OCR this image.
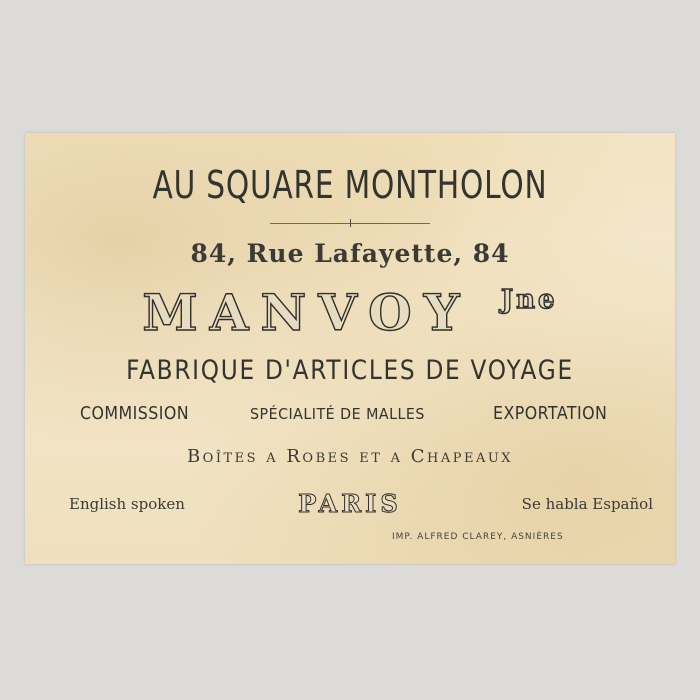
AU SQUARE MONTHOLON
84, Rue Lafayette, 84
MANVOY $^{Jne}$
FABRIQUE D'ARTICLES DE VOYAGE
COMMISSION	SPÉCIALITÉ DE MALLES	EXPORTATION
Boîtes a Robes et a Chapeaux
English spoken	PARIS	Se habla Español
IMP. ALFRED CLAREY, ASNIÈRES
